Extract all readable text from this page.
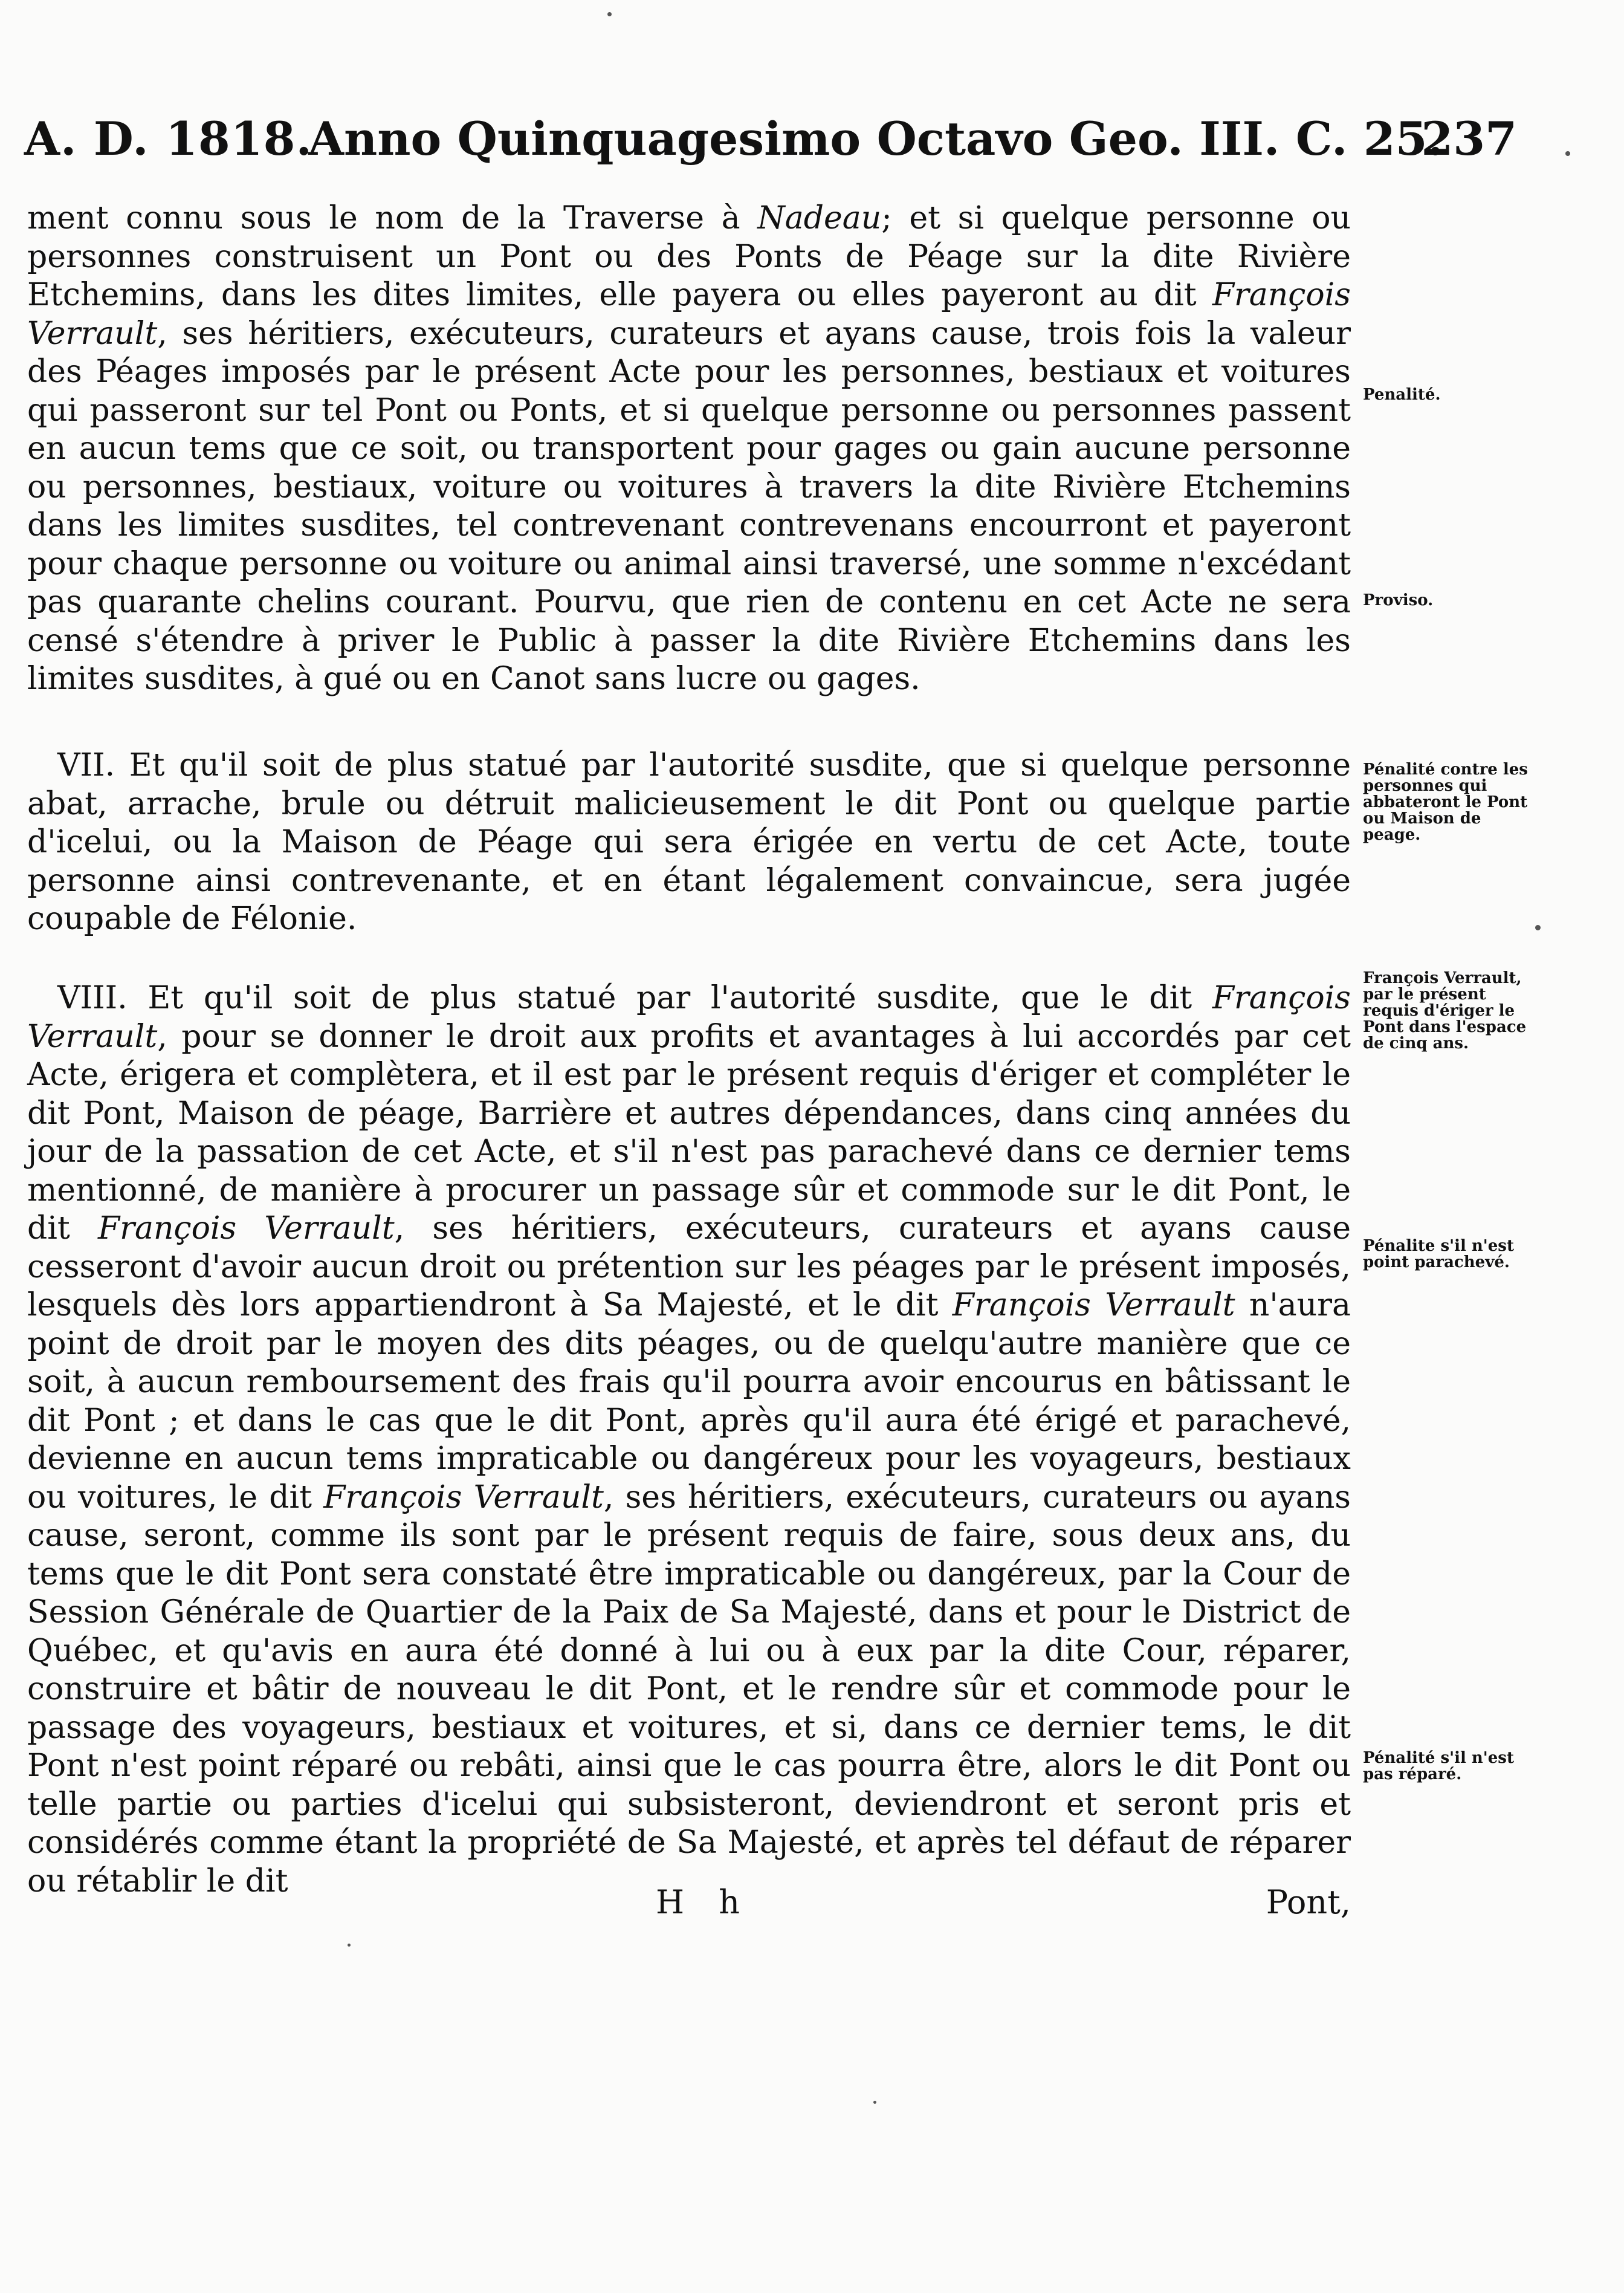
A. D. 1818.
Anno Quinquagesimo Octavo Geo. III. C. 25.
237

ment connu sous le nom de la Traverse à Nadeau; et si quelque personne ou personnes construisent un Pont ou des Ponts de Péage sur la dite Rivière Etchemins, dans les dites limites, elle payera ou elles payeront au dit François Verrault, ses héritiers, exécuteurs, curateurs et ayans cause, trois fois la valeur des Péages imposés par le présent Acte pour les personnes, bestiaux et voitures qui passeront sur tel Pont ou Ponts, et si quelque personne ou personnes passent en aucun tems que ce soit, ou transportent pour gages ou gain aucune personne ou personnes, bestiaux, voiture ou voitures à travers la dite Rivière Etchemins dans les limites susdites, tel contrevenant contrevenans encourront et payeront pour chaque personne ou voiture ou animal ainsi traversé, une somme n'excédant pas quarante chelins courant. Pourvu, que rien de contenu en cet Acte ne sera censé s'étendre à priver le Public à passer la dite Rivière Etchemins dans les limites susdites, à gué ou en Canot sans lucre ou gages.

VII. Et qu'il soit de plus statué par l'autorité susdite, que si quelque personne abat, arrache, brule ou détruit malicieusement le dit Pont ou quelque partie d'icelui, ou la Maison de Péage qui sera érigée en vertu de cet Acte, toute personne ainsi contrevenante, et en étant légalement convaincue, sera jugée coupable de Félonie.

VIII. Et qu'il soit de plus statué par l'autorité susdite, que le dit François Verrault, pour se donner le droit aux profits et avantages à lui accordés par cet Acte, érigera et complètera, et il est par le présent requis d'ériger et compléter le dit Pont, Maison de péage, Barrière et autres dépendances, dans cinq années du jour de la passation de cet Acte, et s'il n'est pas parachevé dans ce dernier tems mentionné, de manière à procurer un passage sûr et commode sur le dit Pont, le dit François Verrault, ses héritiers, exécuteurs, curateurs et ayans cause cesseront d'avoir aucun droit ou prétention sur les péages par le présent imposés, lesquels dès lors appartiendront à Sa Majesté, et le dit François Verrault n'aura point de droit par le moyen des dits péages, ou de quelqu'autre manière que ce soit, à aucun remboursement des frais qu'il pourra avoir encourus en bâtissant le dit Pont ; et dans le cas que le dit Pont, après qu'il aura été érigé et parachevé, devienne en aucun tems impraticable ou dangéreux pour les voyageurs, bestiaux ou voitures, le dit François Verrault, ses héritiers, exécuteurs, curateurs ou ayans cause, seront, comme ils sont par le présent requis de faire, sous deux ans, du tems que le dit Pont sera constaté être impraticable ou dangéreux, par la Cour de Session Générale de Quartier de la Paix de Sa Majesté, dans et pour le District de Québec, et qu'avis en aura été donné à lui ou à eux par la dite Cour, réparer, construire et bâtir de nouveau le dit Pont, et le rendre sûr et commode pour le passage des voyageurs, bestiaux et voitures, et si, dans ce dernier tems, le dit Pont n'est point réparé ou rebâti, ainsi que le cas pourra être, alors le dit Pont ou telle partie ou parties d'icelui qui subsisteront, deviendront et seront pris et considérés comme étant la propriété de Sa Majesté, et après tel défaut de réparer ou rétablir le dit

Penalité.
Proviso.
Pénalité contre les personnes qui abbateront le Pont ou Maison de peage.
François Verrault, par le présent requis d'ériger le Pont dans l'espace de cinq ans.
Pénalite s'il n'est point parachevé.
Pénalité s'il n'est pas réparé.
H h	Pont,
